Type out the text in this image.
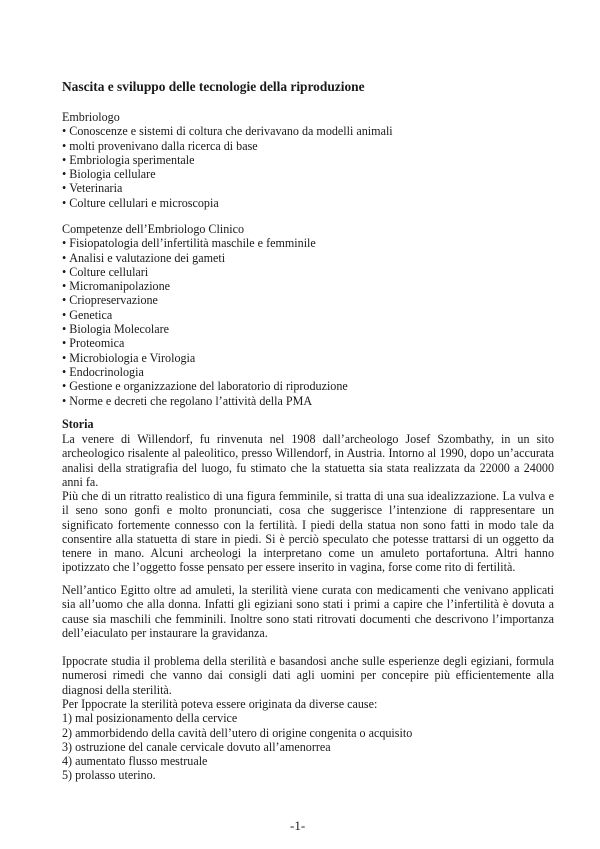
Nascita e sviluppo delle tecnologie della riproduzione
Embriologo
• Conoscenze e sistemi di coltura che derivavano da modelli animali
• molti provenivano dalla ricerca di base
• Embriologia sperimentale
• Biologia cellulare
• Veterinaria
• Colture cellulari e microscopia
Competenze dell’Embriologo Clinico
• Fisiopatologia dell’infertilità maschile e femminile
• Analisi e valutazione dei gameti
• Colture cellulari
• Micromanipolazione
• Criopreservazione
• Genetica
• Biologia Molecolare
• Proteomica
• Microbiologia e Virologia
• Endocrinologia
• Gestione e organizzazione del laboratorio di riproduzione
• Norme e decreti che regolano l’attività della PMA
Storia
La venere di Willendorf, fu rinvenuta nel 1908 dall’archeologo Josef Szombathy, in un sito archeologico risalente al paleolitico, presso Willendorf, in Austria. Intorno al 1990, dopo un’accurata analisi della stratigrafia del luogo, fu stimato che la statuetta sia stata realizzata da 22000 a 24000 anni fa.
Più che di un ritratto realistico di una figura femminile, si tratta di una sua idealizzazione. La vulva e il seno sono gonfi e molto pronunciati, cosa che suggerisce l’intenzione di rappresentare un significato fortemente connesso con la fertilità. I piedi della statua non sono fatti in modo tale da consentire alla statuetta di stare in piedi. Si è perciò speculato che potesse trattarsi di un oggetto da tenere in mano. Alcuni archeologi la interpretano come un amuleto portafortuna. Altri hanno ipotizzato che l’oggetto fosse pensato per essere inserito in vagina, forse come rito di fertilità.
Nell’antico Egitto oltre ad amuleti, la sterilità viene curata con medicamenti che venivano applicati sia all’uomo che alla donna. Infatti gli egiziani sono stati i primi a capire che l’infertilità è dovuta a cause sia maschili che femminili. Inoltre sono stati ritrovati documenti che descrivono l’importanza dell’eiaculato per instaurare la gravidanza.
Ippocrate studia il problema della sterilità e basandosi anche sulle esperienze degli egiziani, formula numerosi rimedi che vanno dai consigli dati agli uomini per concepire più efficientemente alla diagnosi della sterilità.
Per Ippocrate la sterilità poteva essere originata da diverse cause:
1) mal posizionamento della cervice
2) ammorbidendo della cavità dell’utero di origine congenita o acquisito
3) ostruzione del canale cervicale dovuto all’amenorrea
4) aumentato flusso mestruale
5) prolasso uterino.
-1-
